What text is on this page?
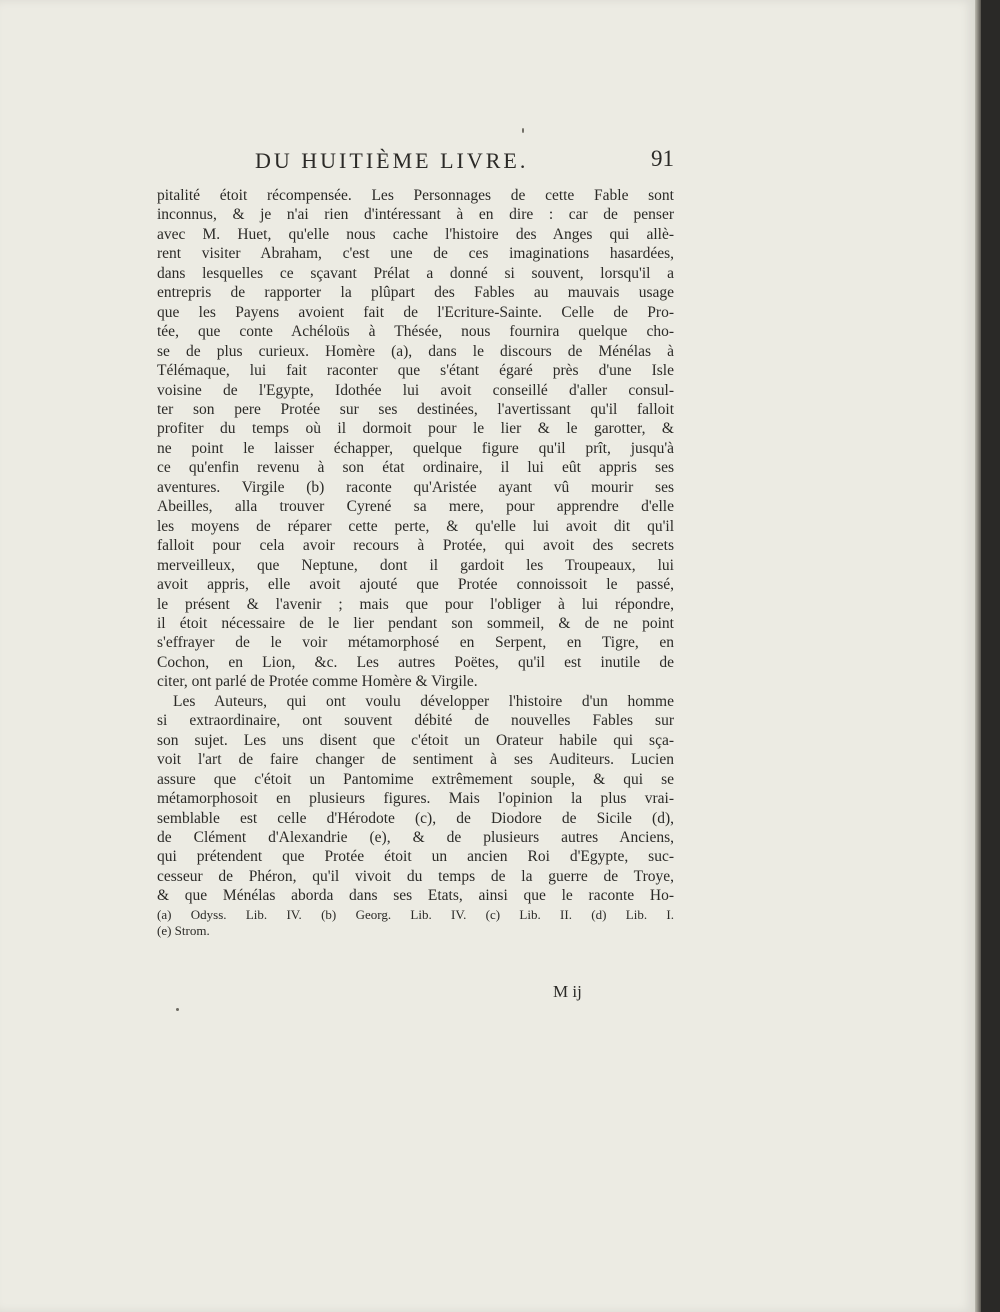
DU HUITIÈME LIVRE.	91
pitalité étoit récompensée. Les Personnages de cette Fable sont
inconnus, & je n'ai rien d'intéressant à en dire : car de penser
avec M. Huet, qu'elle nous cache l'histoire des Anges qui allè-
rent visiter Abraham, c'est une de ces imaginations hasardées,
dans lesquelles ce sçavant Prélat a donné si souvent, lorsqu'il a
entrepris de rapporter la plûpart des Fables au mauvais usage
que les Payens avoient fait de l'Ecriture-Sainte. Celle de Pro-
tée, que conte Achéloüs à Thésée, nous fournira quelque cho-
se de plus curieux. Homère (a), dans le discours de Ménélas à
Télémaque, lui fait raconter que s'étant égaré près d'une Isle
voisine de l'Egypte, Idothée lui avoit conseillé d'aller consul-
ter son pere Protée sur ses destinées, l'avertissant qu'il falloit
profiter du temps où il dormoit pour le lier & le garotter, &
ne point le laisser échapper, quelque figure qu'il prît, jusqu'à
ce qu'enfin revenu à son état ordinaire, il lui eût appris ses
aventures. Virgile (b) raconte qu'Aristée ayant vû mourir ses
Abeilles, alla trouver Cyrené sa mere, pour apprendre d'elle
les moyens de réparer cette perte, & qu'elle lui avoit dit qu'il
falloit pour cela avoir recours à Protée, qui avoit des secrets
merveilleux, que Neptune, dont il gardoit les Troupeaux, lui
avoit appris, elle avoit ajouté que Protée connoissoit le passé,
le présent & l'avenir ; mais que pour l'obliger à lui répondre,
il étoit nécessaire de le lier pendant son sommeil, & de ne point
s'effrayer de le voir métamorphosé en Serpent, en Tigre, en
Cochon, en Lion, &c. Les autres Poëtes, qu'il est inutile de
citer, ont parlé de Protée comme Homère & Virgile.
Les Auteurs, qui ont voulu développer l'histoire d'un homme
si extraordinaire, ont souvent débité de nouvelles Fables sur
son sujet. Les uns disent que c'étoit un Orateur habile qui sça-
voit l'art de faire changer de sentiment à ses Auditeurs. Lucien
assure que c'étoit un Pantomime extrêmement souple, & qui se
métamorphosoit en plusieurs figures. Mais l'opinion la plus vrai-
semblable est celle d'Hérodote (c), de Diodore de Sicile (d),
de Clément d'Alexandrie (e), & de plusieurs autres Anciens,
qui prétendent que Protée étoit un ancien Roi d'Egypte, suc-
cesseur de Phéron, qu'il vivoit du temps de la guerre de Troye,
& que Ménélas aborda dans ses Etats, ainsi que le raconte Ho-
(a) Odyss. Lib. IV. (b) Georg. Lib. IV. (c) Lib. II. (d) Lib. I.
(e) Strom.
M ij
